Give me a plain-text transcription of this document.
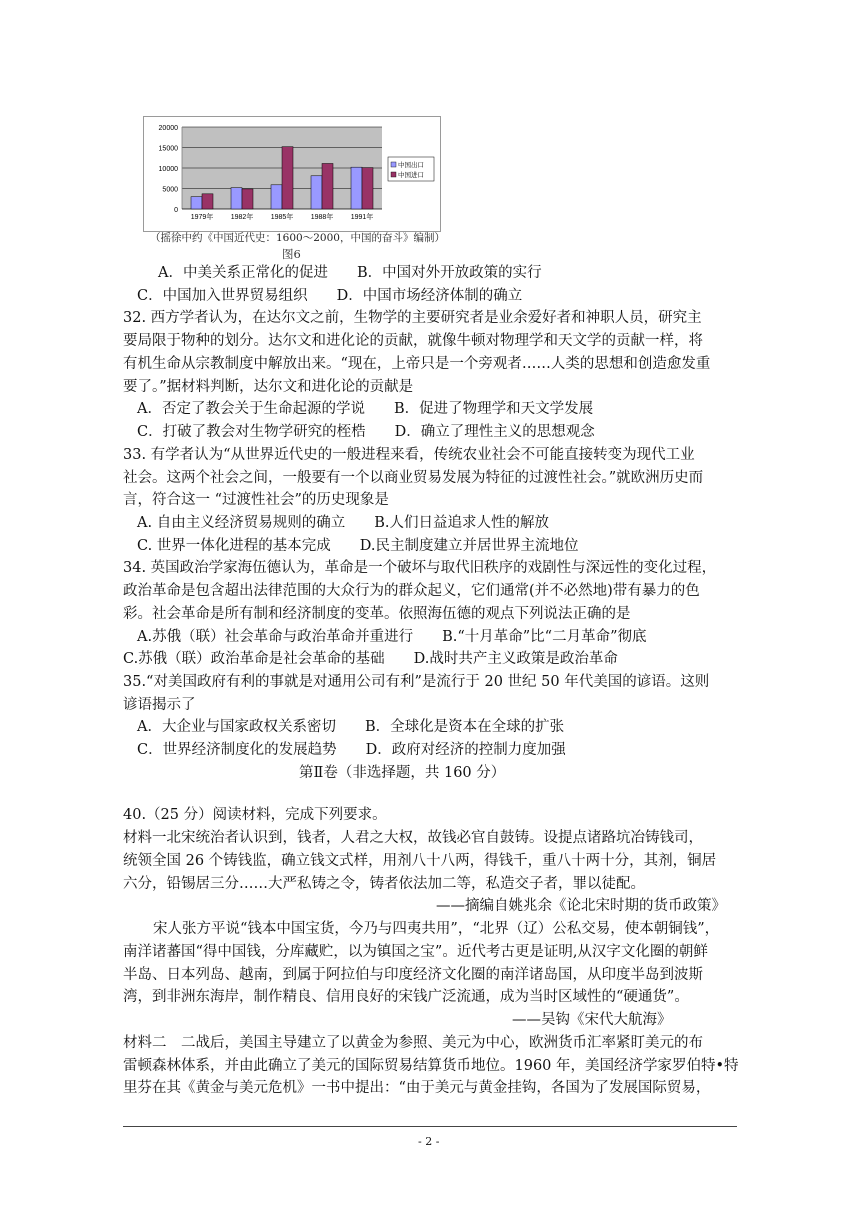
0
5000
10000
15000
20000
1979年 1982年 1985年 1988年 1991年
中国出口
中国进口
（摇徐中约《中国近代史：1600～2000，中国的奋斗》编制）
图6
A．中美关系正常化的促进　　B．中国对外开放政策的实行
C．中国加入世界贸易组织　　D．中国市场经济体制的确立
32. 西方学者认为，在达尔文之前，生物学的主要研究者是业余爱好者和神职人员，研究主
要局限于物种的划分。达尔文和进化论的贡献，就像牛顿对物理学和天文学的贡献一样，将
有机生命从宗教制度中解放出来。“现在，上帝只是一个旁观者……人类的思想和创造愈发重
要了。”据材料判断，达尔文和进化论的贡献是
A．否定了教会关于生命起源的学说　　B．促进了物理学和天文学发展
C．打破了教会对生物学研究的桎梏　　D．确立了理性主义的思想观念
33. 有学者认为“从世界近代史的一般进程来看，传统农业社会不可能直接转变为现代工业
社会。这两个社会之间，一般要有一个以商业贸易发展为特征的过渡性社会。”就欧洲历史而
言，符合这一 “过渡性社会”的历史现象是
A. 自由主义经济贸易规则的确立　　B.人们日益追求人性的解放
C. 世界一体化进程的基本完成　　D.民主制度建立并居世界主流地位
34. 英国政治学家海伍德认为，革命是一个破坏与取代旧秩序的戏剧性与深远性的变化过程，
政治革命是包含超出法律范围的大众行为的群众起义，它们通常(并不必然地)带有暴力的色
彩。社会革命是所有制和经济制度的变革。依照海伍德的观点下列说法正确的是
A.苏俄（联）社会革命与政治革命并重进行　　B.“十月革命”比“二月革命”彻底
C.苏俄（联）政治革命是社会革命的基础　　D.战时共产主义政策是政治革命
35.“对美国政府有利的事就是对通用公司有利”是流行于 20 世纪 50 年代美国的谚语。这则
谚语揭示了
A．大企业与国家政权关系密切　　B．全球化是资本在全球的扩张
C．世界经济制度化的发展趋势　　D．政府对经济的控制力度加强
第Ⅱ卷（非选择题，共 160 分）
40.（25 分）阅读材料，完成下列要求。
材料一北宋统治者认识到，钱者，人君之大权，故钱必官自鼓铸。设提点诸路坑冶铸钱司，
统领全国 26 个铸钱监，确立钱文式样，用剂八十八两，得钱千，重八十两十分，其剂，铜居
六分，铅锡居三分……大严私铸之令，铸者依法加二等，私造交子者，罪以徒配。
——摘编自姚兆余《论北宋时期的货币政策》
宋人张方平说“钱本中国宝货，今乃与四夷共用”，“北界（辽）公私交易，使本朝铜钱”，
南洋诸蕃国“得中国钱，分库藏贮，以为镇国之宝”。近代考古更是证明,从汉字文化圈的朝鲜
半岛、日本列岛、越南，到属于阿拉伯与印度经济文化圈的南洋诸岛国，从印度半岛到波斯
湾，到非洲东海岸，制作精良、信用良好的宋钱广泛流通，成为当时区域性的“硬通货”。
——吴钩《宋代大航海》
材料二　二战后，美国主导建立了以黄金为参照、美元为中心，欧洲货币汇率紧盯美元的布
雷顿森林体系，并由此确立了美元的国际贸易结算货币地位。1960 年，美国经济学家罗伯特•特
里芬在其《黄金与美元危机》一书中提出：“由于美元与黄金挂钩，各国为了发展国际贸易，
- 2 -
